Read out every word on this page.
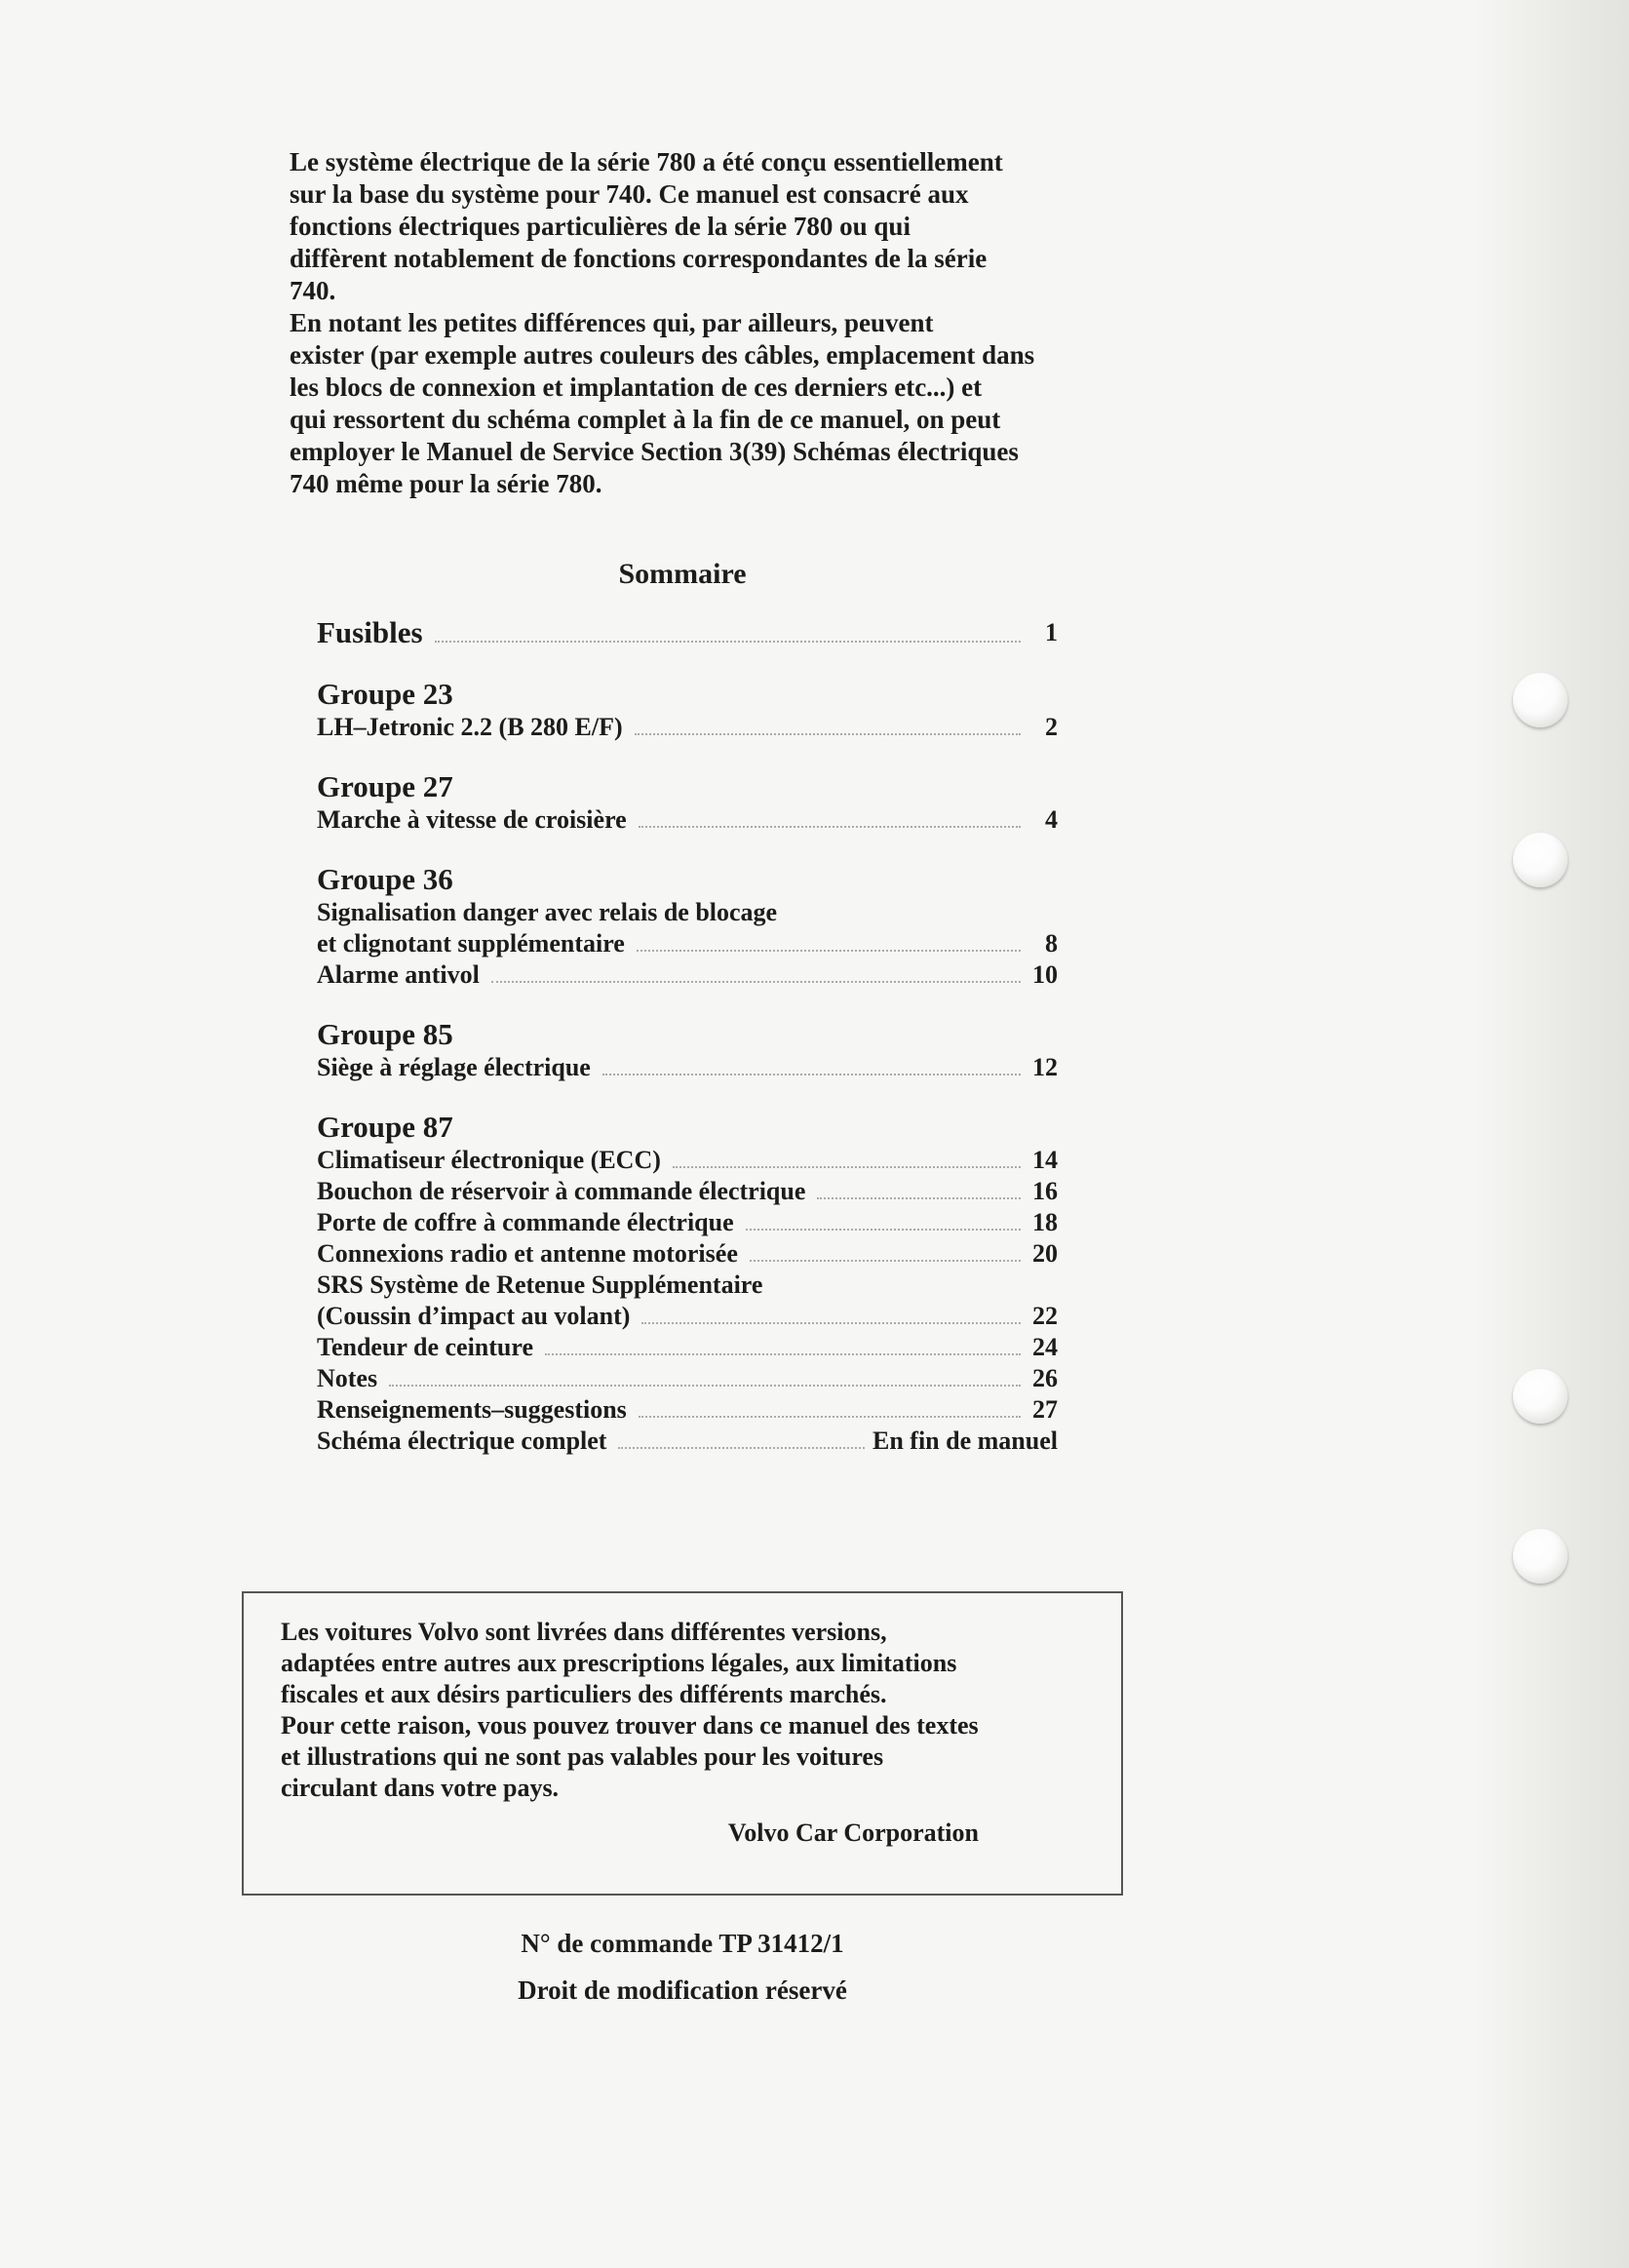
Le système électrique de la série 780 a été conçu essentiellement

sur la base du système pour 740. Ce manuel est consacré aux

fonctions électriques particulières de la série 780 ou qui

diffèrent notablement de fonctions correspondantes de la série

740.

En notant les petites différences qui, par ailleurs, peuvent

exister (par exemple autres couleurs des câbles, emplacement dans

les blocs de connexion et implantation de ces derniers etc...) et

qui ressortent du schéma complet à la fin de ce manuel, on peut

employer le Manuel de Service Section 3(39) Schémas électriques

740 même pour la série 780.

Sommaire
Fusibles	1
Groupe 23
LH–Jetronic 2.2 (B 280 E/F)	2
Groupe 27
Marche à vitesse de croisière	4
Groupe 36
Signalisation danger avec relais de blocage
et clignotant supplémentaire	8
Alarme antivol	10
Groupe 85
Siège à réglage électrique	12
Groupe 87
Climatiseur électronique (ECC)	14
Bouchon de réservoir à commande électrique	16
Porte de coffre à commande électrique	18
Connexions radio et antenne motorisée	20
SRS Système de Retenue Supplémentaire
(Coussin d’impact au volant)	22
Tendeur de ceinture	24
Notes	26
Renseignements–suggestions	27
Schéma électrique complet	En fin de manuel

Les voitures Volvo sont livrées dans différentes versions,

adaptées entre autres aux prescriptions légales, aux limitations

fiscales et aux désirs particuliers des différents marchés.

Pour cette raison, vous pouvez trouver dans ce manuel des textes

et illustrations qui ne sont pas valables pour les voitures

circulant dans votre pays.

Volvo Car Corporation

N° de commande TP 31412/1
Droit de modification réservé
